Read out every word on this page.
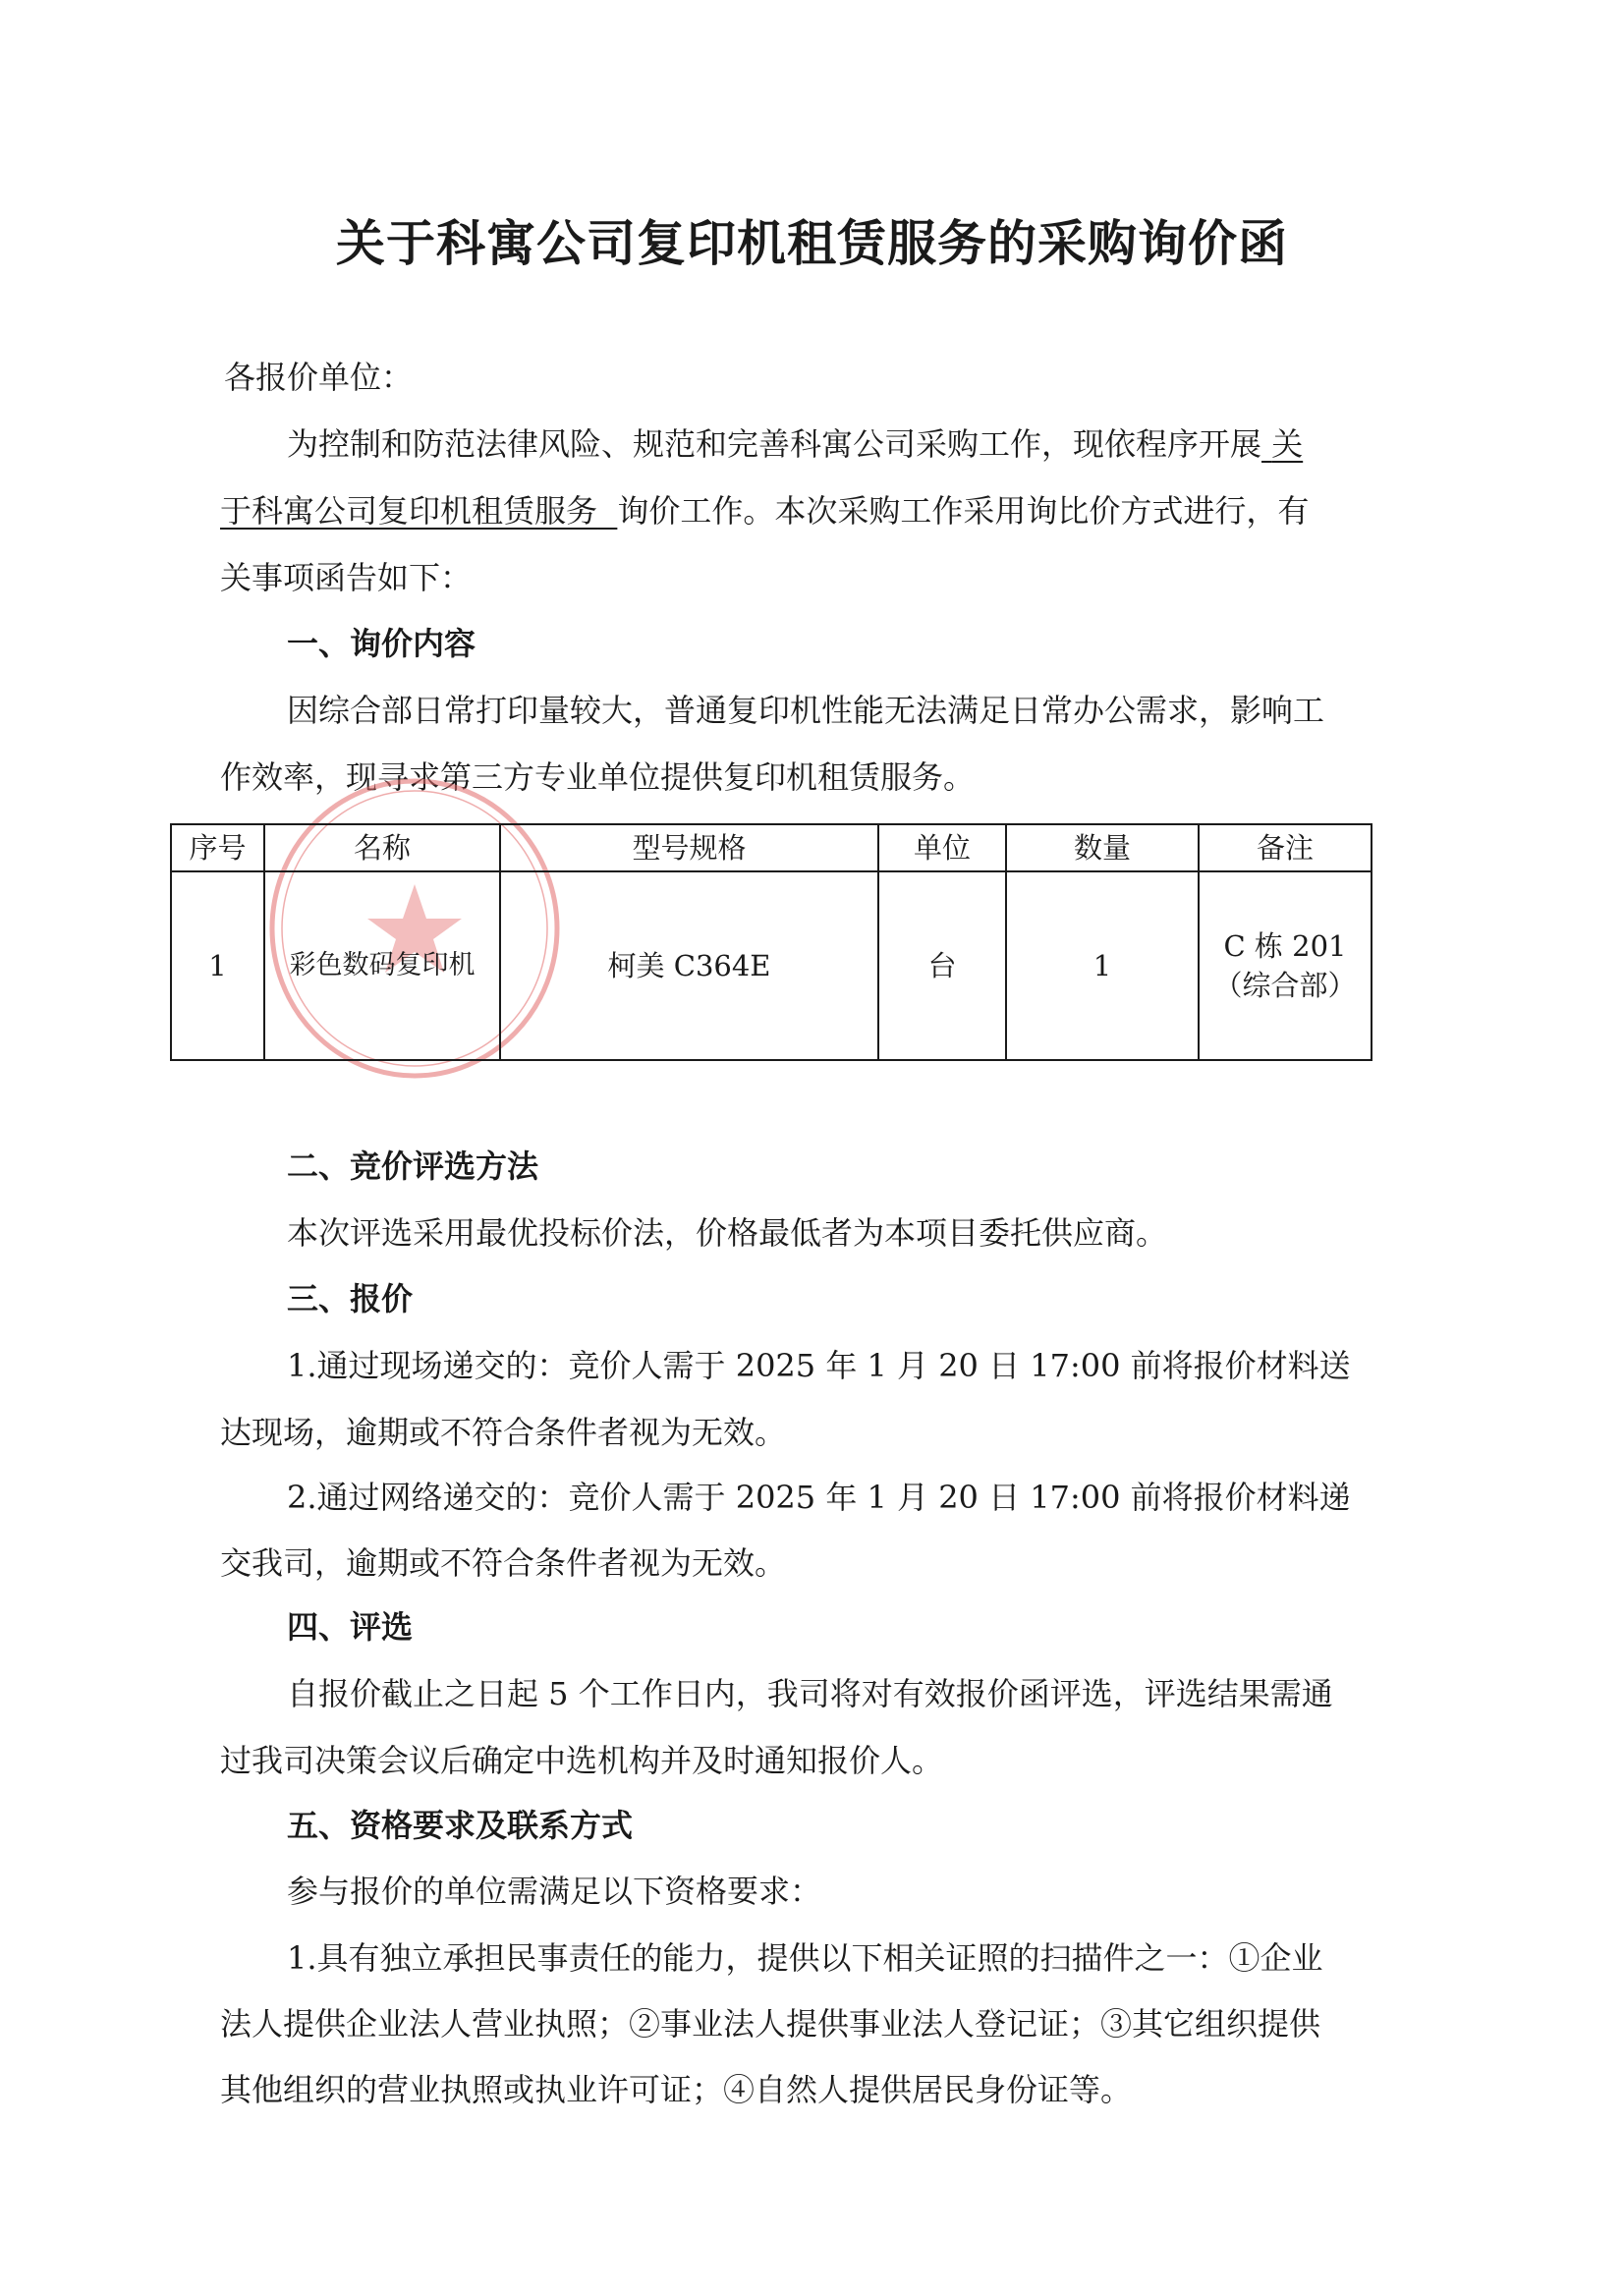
关于科寓公司复印机租赁服务的采购询价函

各报价单位：

为控制和防范法律风险、规范和完善科寓公司采购工作，现依程序开展 关

于科寓公司复印机租赁服务 询价工作。本次采购工作采用询比价方式进行，有

关事项函告如下：

一、询价内容

因综合部日常打印量较大，普通复印机性能无法满足日常办公需求，影响工

作效率，现寻求第三方专业单位提供复印机租赁服务。

序号	名称	型号规格	单位	数量	备注
1	彩色数码复印机	柯美 C364E	台	1	C 栋 201
（综合部）
二、竞价评选方法

本次评选采用最优投标价法，价格最低者为本项目委托供应商。

三、报价

1.通过现场递交的：竞价人需于 2025 年 1 月 20 日 17:00 前将报价材料送

达现场，逾期或不符合条件者视为无效。

2.通过网络递交的：竞价人需于 2025 年 1 月 20 日 17:00 前将报价材料递

交我司，逾期或不符合条件者视为无效。

四、评选

自报价截止之日起 5 个工作日内，我司将对有效报价函评选，评选结果需通

过我司决策会议后确定中选机构并及时通知报价人。

五、资格要求及联系方式

参与报价的单位需满足以下资格要求：

1.具有独立承担民事责任的能力，提供以下相关证照的扫描件之一：①企业

法人提供企业法人营业执照；②事业法人提供事业法人登记证；③其它组织提供

其他组织的营业执照或执业许可证；④自然人提供居民身份证等。
